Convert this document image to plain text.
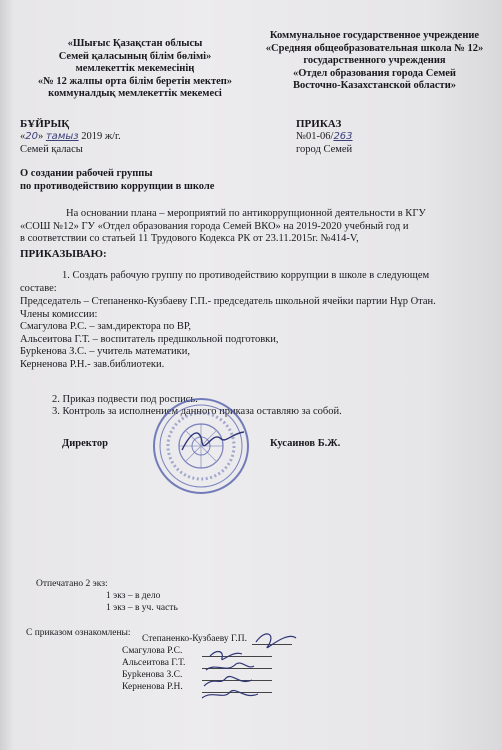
«Шығыс Қазақстан облысы
Семей қаласының білім бөлімі»
мемлекеттік мекемесінің
«№ 12 жалпы орта білім беретін мектеп»
коммуналдық мемлекеттік мекемесі
Коммунальное государственное учреждение
«Средняя общеобразовательная школа № 12»
государственного учреждения
«Отдел образования города Семей
Восточно-Казахстанской области»
БҰЙРЫҚ
«20» тамыз 2019 ж/г.
Семей қаласы
ПРИКАЗ
№01-06/263
город Семей
О создании рабочей группы
по противодействию коррупции в школе
На основании плана – мероприятий по антикоррупционной деятельности в КГУ
«СОШ №12» ГУ «Отдел образования города Семей ВКО» на 2019-2020 учебный год и
в соответствии со статьей 11 Трудового Кодекса РК от 23.11.2015г. №414-V,
ПРИКАЗЫВАЮ:
1. Создать рабочую группу по противодействию коррупции в школе в следующем
составе:
Председатель – Степаненко-Кузбаеву Г.П.- председатель школьной ячейки партии Нұр Отан.
Члены комиссии:
Смагулова Р.С. – зам.директора по ВР,
Альсеитова Г.Т. – воспитатель предшкольной подготовки,
Бурkенова З.С. – учитель математики,
Керненова Р.Н.- зав.библиотеки.
2. Приказ подвести под роспись.
3. Контроль за исполнением данного приказа оставляю за собой.
Директор	Кусаинов Б.Ж.
Отпечатано 2 экз:
1 экз – в дело
1 экз – в уч. часть
С приказом ознакомлены:
Степаненко-Кузбаеву Г.П.
Смагулова Р.С.
Альсеитова Г.Т.
Бурkенова З.С.
Керненова Р.Н.
